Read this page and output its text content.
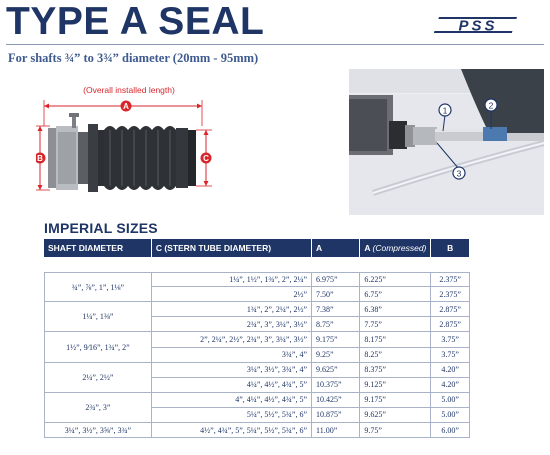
TYPE A SEAL	PSS
For shafts ¾” to 3¾” diameter (20mm - 95mm)
(Overall installed length)
A
B	C
1	2
3
IMPERIAL SIZES
SHAFT DIAMETER	C (STERN TUBE DIAMETER)	A	A (Compressed)	B

¾”, ⅞”, 1”, 1⅛”	1¼”, 1½”, 1¾”, 2”, 2¼”	6.975”	6.225”	2.375”
	2½”	7.50”	6.75”	2.375”
1¼”, 1⅜”	1¾”, 2”, 2¼”, 2½”	7.38”	6.38”	2.875”
	2¾”, 3”, 3¼”, 3½”	8.75”	7.75”	2.875”
1½”, 9⁄16”, 1¾”, 2”	2”, 2¼”, 2½”, 2¾”, 3”, 3¼”, 3½”	9.175”	8.175”	3.75”
	3¾”, 4”	9.25”	8.25”	3.75”
2¼”, 2½”	3¼”, 3½”, 3¾”, 4”	9.625”	8.375”	4.20”
	4¼”, 4½”, 4¾”, 5”	10.375”	9.125”	4.20”
2¾”, 3”	4”, 4¼”, 4½”, 4¾”, 5”	10.425”	9.175”	5.00”
	5¼”, 5½”, 5¾”, 6”	10.875”	9.625”	5.00”
3¼”, 3½”, 3⅝”, 3¾”	4½”, 4¾”, 5”, 5¼”, 5½”, 5¾”, 6”	11.00”	9.75”	6.00”
